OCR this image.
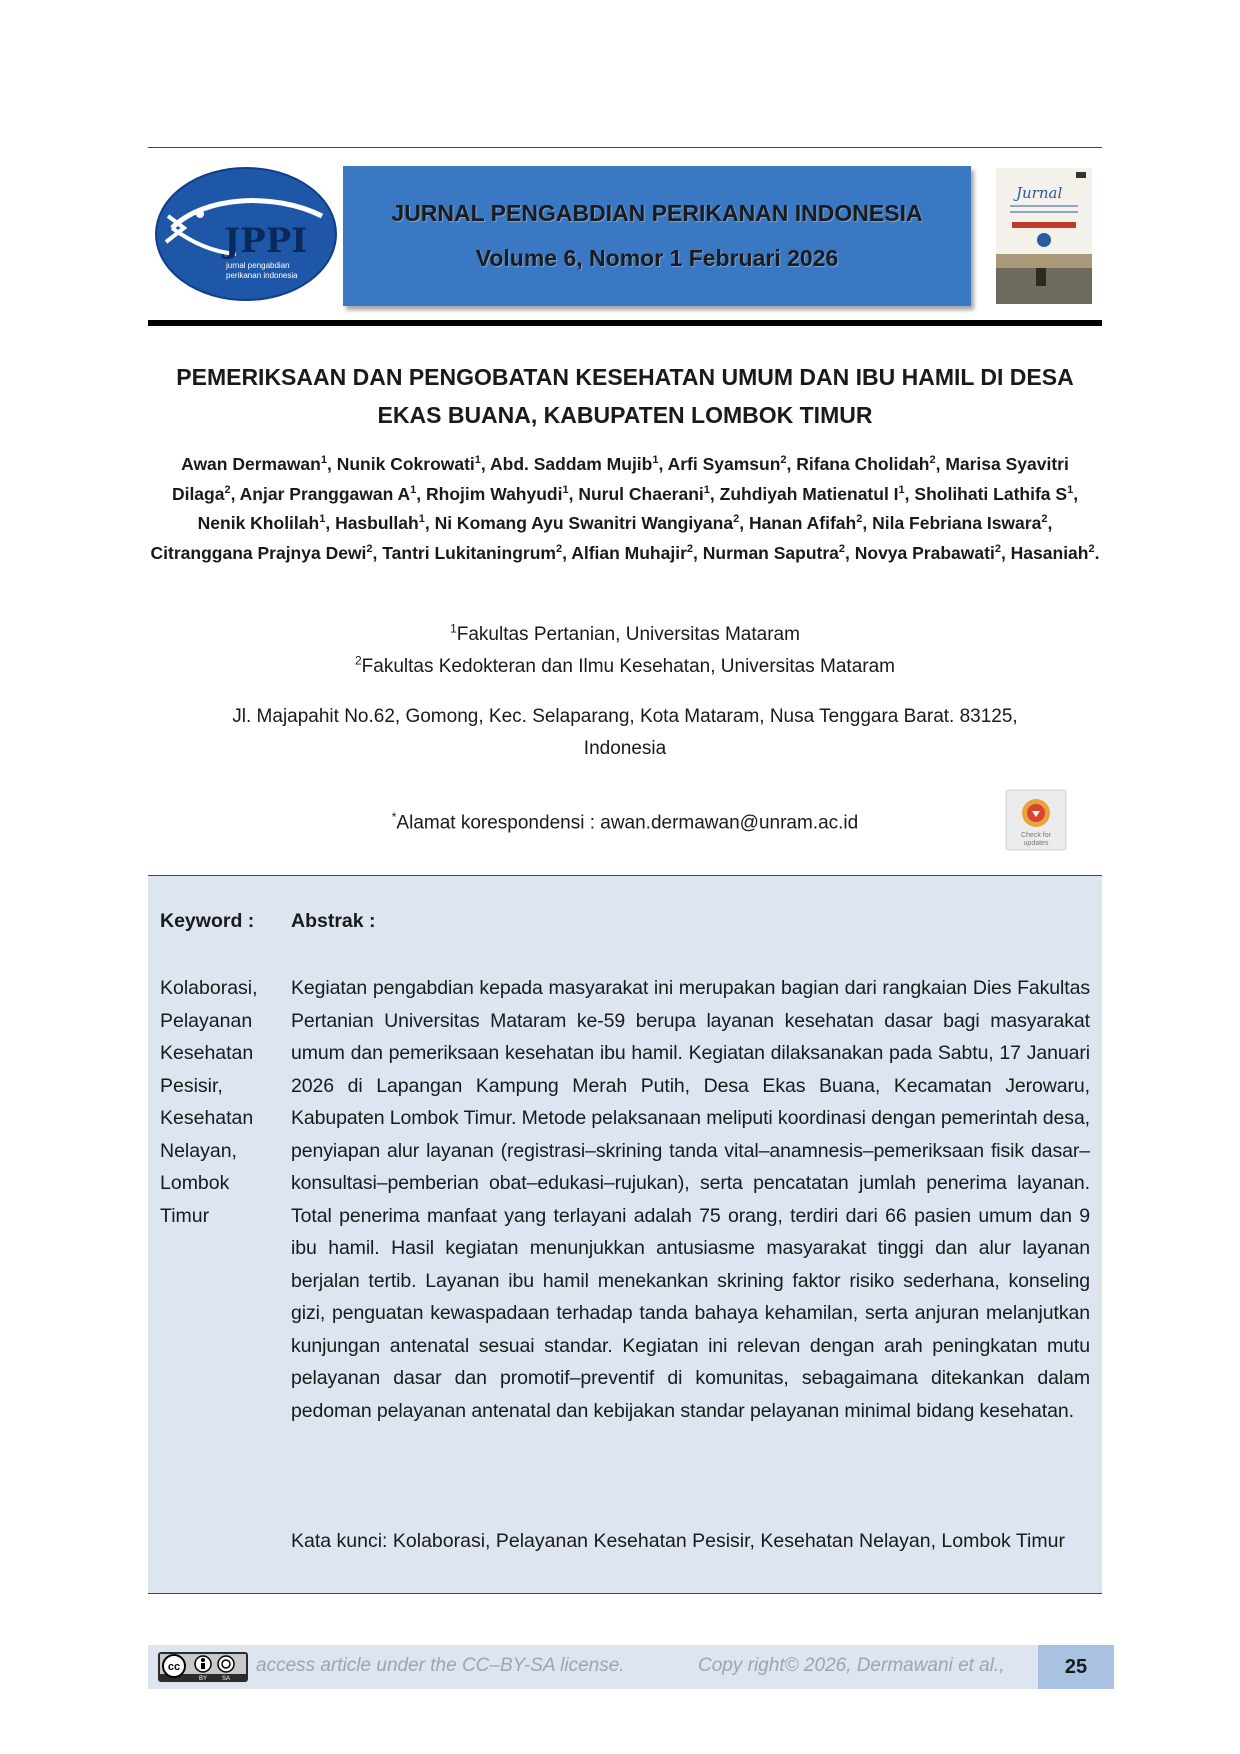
JPPI
jurnal pengabdian
perikanan indonesia
JURNAL PENGABDIAN PERIKANAN INDONESIA
Volume 6, Nomor 1 Februari 2026
Jurnal
PEMERIKSAAN DAN PENGOBATAN KESEHATAN UMUM DAN IBU HAMIL DI DESA
EKAS BUANA, KABUPATEN LOMBOK TIMUR
Awan Dermawan$^1$, Nunik Cokrowati$^1$, Abd. Saddam Mujib$^1$, Arfi Syamsun$^2$, Rifana Cholidah$^2$, Marisa Syavitri Dilaga$^2$, Anjar Pranggawan $A^1$, Rhojim Wahyudi$^1$, Nurul Chaerani$^1$, Zuhdiyah Matienatul $I^1$, Sholihati Lathifa $S^1$, Nenik Kholilah$^1$, Hasbullah$^1$, Ni Komang Ayu Swanitri Wangiyana$^2$, Hanan Afifah$^2$, Nila Febriana Iswara$^2$, Citranggana Prajnya Dewi$^2$, Tantri Lukitaningrum$^2$, Alfian Muhajir$^2$, Nurman Saputra$^2$, Novya Prabawati$^2$, Hasaniah$^2$.
$^1$Fakultas Pertanian, Universitas Mataram
$^2$Fakultas Kedokteran dan Ilmu Kesehatan, Universitas Mataram
Jl. Majapahit No.62, Gomong, Kec. Selaparang, Kota Mataram, Nusa Tenggara Barat. 83125,
Indonesia
*Alamat korespondensi : awan.dermawan@unram.ac.id
Check for
updates
Keyword : Abstrak :
Kolaborasi,
Pelayanan
Kesehatan
Pesisir,
Kesehatan
Nelayan,
Lombok
Timur
Kegiatan pengabdian kepada masyarakat ini merupakan bagian dari rangkaian Dies Fakultas Pertanian Universitas Mataram ke-59 berupa layanan kesehatan dasar bagi masyarakat umum dan pemeriksaan kesehatan ibu hamil. Kegiatan dilaksanakan pada Sabtu, 17 Januari 2026 di Lapangan Kampung Merah Putih, Desa Ekas Buana, Kecamatan Jerowaru, Kabupaten Lombok Timur. Metode pelaksanaan meliputi koordinasi dengan pemerintah desa, penyiapan alur layanan (registrasi–skrining tanda vital–anamnesis–pemeriksaan fisik dasar–konsultasi–pemberian obat–edukasi–rujukan), serta pencatatan jumlah penerima layanan. Total penerima manfaat yang terlayani adalah 75 orang, terdiri dari 66 pasien umum dan 9 ibu hamil. Hasil kegiatan menunjukkan antusiasme masyarakat tinggi dan alur layanan berjalan tertib. Layanan ibu hamil menekankan skrining faktor risiko sederhana, konseling gizi, penguatan kewaspadaan terhadap tanda bahaya kehamilan, serta anjuran melanjutkan kunjungan antenatal sesuai standar. Kegiatan ini relevan dengan arah peningkatan mutu pelayanan dasar dan promotif–preventif di komunitas, sebagaimana ditekankan dalam pedoman pelayanan antenatal dan kebijakan standar pelayanan minimal bidang kesehatan.
Kata kunci: Kolaborasi, Pelayanan Kesehatan Pesisir, Kesehatan Nelayan, Lombok Timur
cc
BY SA
access article under the CC–BY-SA license.	Copy right© 2026, Dermawani et al.,	25
